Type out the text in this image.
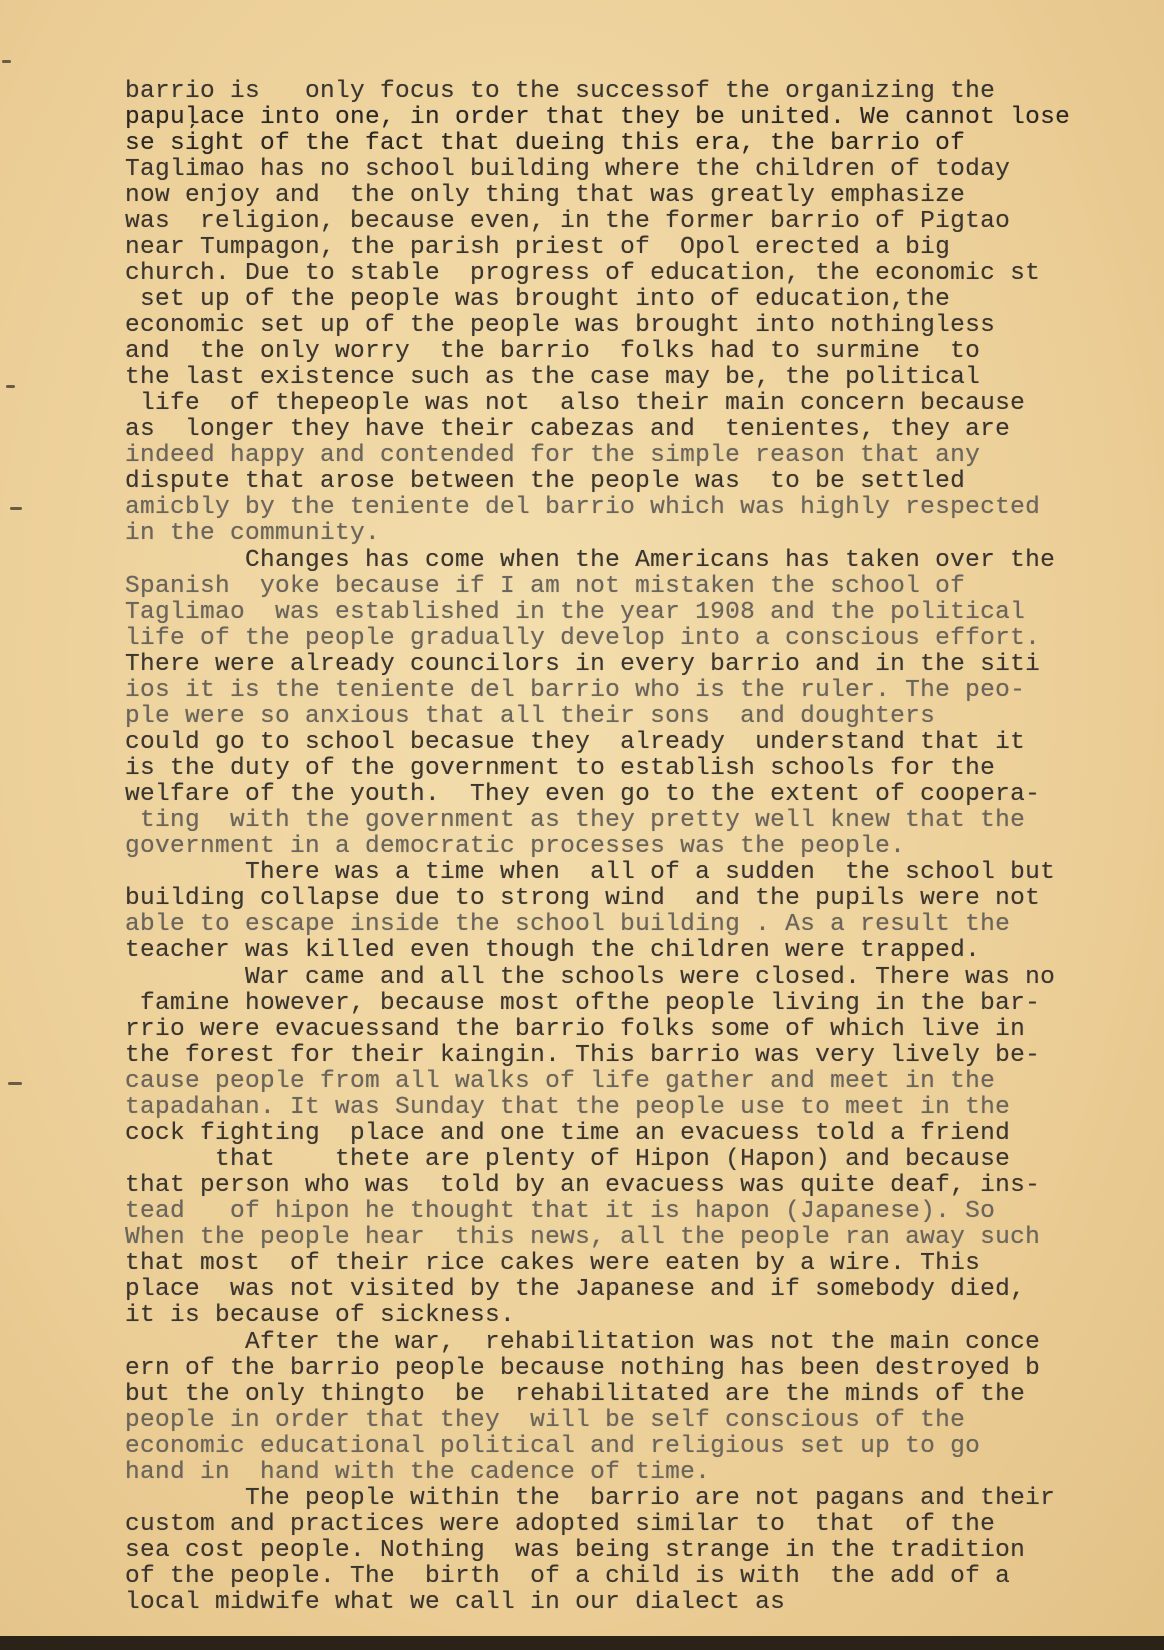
barrio is   only focus to the successof the organizing the
papuļace into one, in order that they be united. We cannot lose
se sight of the fact that dueing this era, the barrio of
Taglimao has no school building where the children of today
now enjoy and  the only thing that was greatly emphasize
was  religion, because even, in the former barrio of Pigtao
near Tumpagon, the parish priest of  Opol erected a big
church. Due to stable  progress of education, the economic st
set up of the people was brought into of education,the
economic set up of the people was brought into nothingless
and  the only worry  the barrio  folks had to surmine  to
the last existence such as the case may be, the political
life  of thepeople was not  also their main concern because
as  longer they have their cabezas and  tenientes, they are
indeed happy and contended for the simple reason that any
dispute that arose between the people was  to be settled
amicbly by the teniente del barrio which was highly respected
in the community.
Changes has come when the Americans has taken over the
Spanish  yoke because if I am not mistaken the school of
Taglimao  was established in the year 1908 and the political
life of the people gradually develop into a conscious effort.
There were already councilors in every barrio and in the siti
ios it is the teniente del barrio who is the ruler. The peo-
ple were so anxious that all their sons  and doughters
could go to school becasue they  already  understand that it
is the duty of the government to establish schools for the
welfare of the youth.  They even go to the extent of coopera-
ting  with the government as they pretty well knew that the
government in a democratic processes was the people.
There was a time when  all of a sudden  the school but
building collapse due to strong wind  and the pupils were not
able to escape inside the school building . As a result the
teacher was killed even though the children were trapped.
War came and all the schools were closed. There was no
famine however, because most ofthe people living in the bar-
rrio were evacuessand the barrio folks some of which live in
the forest for their kaingin. This barrio was very lively be-
cause people from all walks of life gather and meet in the
tapadahan. It was Sunday that the people use to meet in the
cock fighting  place and one time an evacuess told a friend
that    thete are plenty of Hipon (Hapon) and because
that person who was  told by an evacuess was quite deaf, ins-
tead   of hipon he thought that it is hapon (Japanese). So
When the people hear  this news, all the people ran away such
that most  of their rice cakes were eaten by a wire. This
place  was not visited by the Japanese and if somebody died,
it is because of sickness.
After the war,  rehabilitation was not the main conce
ern of the barrio people because nothing has been destroyed b
but the only thingto  be  rehabilitated are the minds of the
people in order that they  will be self conscious of the
economic educational political and religious set up to go
hand in  hand with the cadence of time.
The people within the  barrio are not pagans and their
custom and practices were adopted similar to  that  of the
sea cost people. Nothing  was being strange in the tradition
of the people. The  birth  of a child is with  the add of a
local midwife what we call in our dialect as
